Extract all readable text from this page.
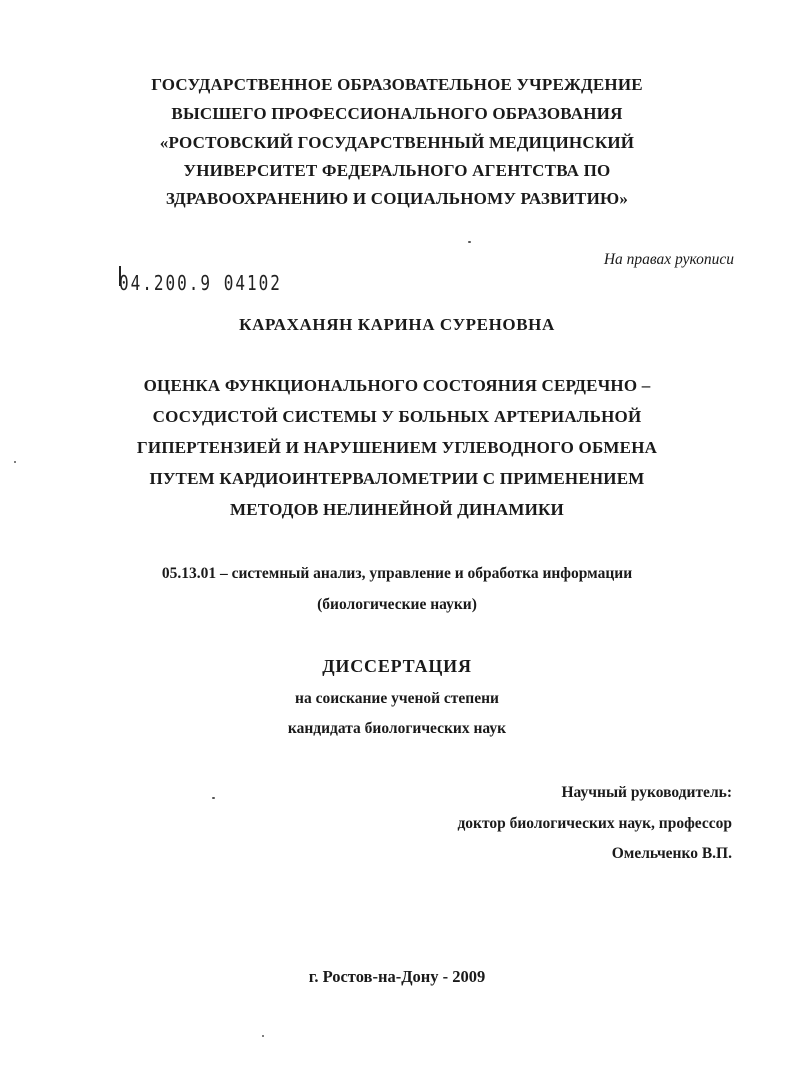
ГОСУДАРСТВЕННОЕ ОБРАЗОВАТЕЛЬНОЕ УЧРЕЖДЕНИЕ
ВЫСШЕГО ПРОФЕССИОНАЛЬНОГО ОБРАЗОВАНИЯ
«РОСТОВСКИЙ ГОСУДАРСТВЕННЫЙ МЕДИЦИНСКИЙ
УНИВЕРСИТЕТ ФЕДЕРАЛЬНОГО АГЕНТСТВА ПО
ЗДРАВООХРАНЕНИЮ И СОЦИАЛЬНОМУ РАЗВИТИЮ»
На правах рукописи
04.200.9 04102
КАРАХАНЯН КАРИНА СУРЕНОВНА
ОЦЕНКА ФУНКЦИОНАЛЬНОГО СОСТОЯНИЯ СЕРДЕЧНО –
СОСУДИСТОЙ СИСТЕМЫ У БОЛЬНЫХ АРТЕРИАЛЬНОЙ
ГИПЕРТЕНЗИЕЙ И НАРУШЕНИЕМ УГЛЕВОДНОГО ОБМЕНА
ПУТЕМ КАРДИОИНТЕРВАЛОМЕТРИИ С ПРИМЕНЕНИЕМ
МЕТОДОВ НЕЛИНЕЙНОЙ ДИНАМИКИ
05.13.01 – системный анализ, управление и обработка информации
(биологические науки)
ДИССЕРТАЦИЯ
на соискание ученой степени
кандидата биологических наук
Научный руководитель:
доктор биологических наук, профессор
Омельченко В.П.
г. Ростов-на-Дону - 2009
